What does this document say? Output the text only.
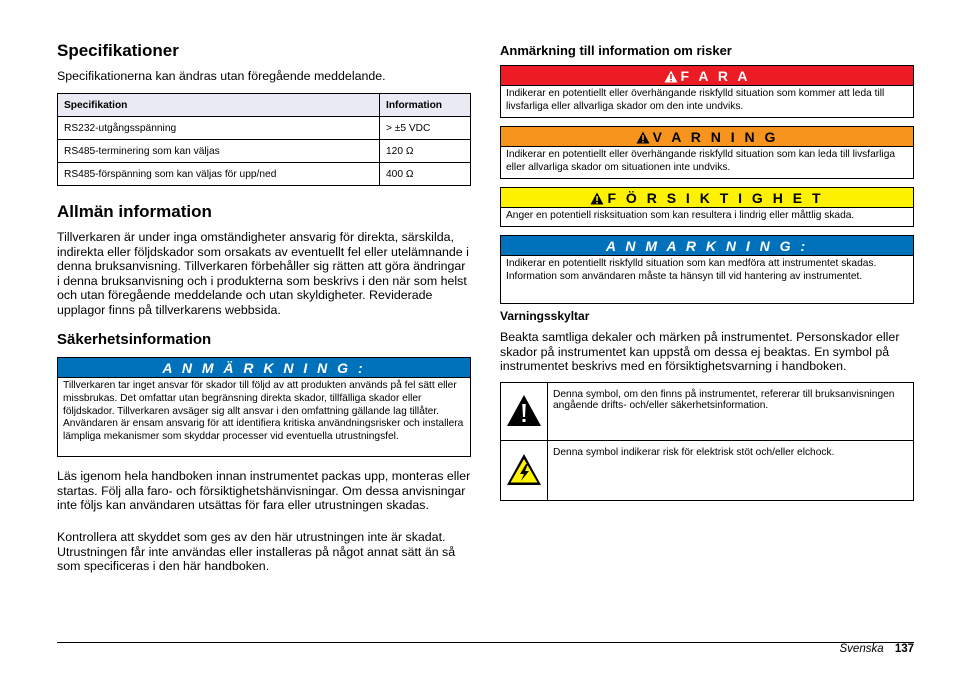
Specifikationer

Specifikationerna kan ändras utan föregående meddelande.

Specifikation	Information
RS232-utgångsspänning	> ±5 VDC
RS485-terminering som kan väljas	120 Ω
RS485-förspänning som kan väljas för upp/ned	400 Ω
Allmän information

Tillverkaren är under inga omständigheter ansvarig för direkta, särskilda, indirekta eller följdskador som orsakats av eventuellt fel eller utelämnande i denna bruksanvisning. Tillverkaren förbehåller sig rätten att göra ändringar i denna bruksanvisning och i produkterna som beskrivs i den när som helst och utan föregående meddelande och utan skyldigheter. Reviderade upplagor finns på tillverkarens webbsida.

Säkerhetsinformation
A N M Ä R K N I N G :
Tillverkaren tar inget ansvar för skador till följd av att produkten används på fel sätt eller missbrukas. Det omfattar utan begränsning direkta skador, tillfälliga skador eller följdskador. Tillverkaren avsäger sig allt ansvar i den omfattning gällande lag tillåter. Användaren är ensam ansvarig för att identifiera kritiska användningsrisker och installera lämpliga mekanismer som skyddar processer vid eventuella utrustningsfel.

Läs igenom hela handboken innan instrumentet packas upp, monteras eller startas. Följ alla faro- och försiktighetshänvisningar. Om dessa anvisningar inte följs kan användaren utsättas för fara eller utrustningen skadas.

Kontrollera att skyddet som ges av den här utrustningen inte är skadat. Utrustningen får inte användas eller installeras på något annat sätt än så som specificeras i den här handboken.

Anmärkning till information om risker
F A R A
Indikerar en potentiellt eller överhängande riskfylld situation som kommer att leda till livsfarliga eller allvarliga skador om den inte undviks.
V A R N I N G
Indikerar en potentiellt eller överhängande riskfylld situation som kan leda till livsfarliga eller allvarliga skador om situationen inte undviks.
F Ö R S I K T I G H E T
Anger en potentiell risksituation som kan resultera i lindrig eller måttlig skada.
A N M A R K N I N G :
Indikerar en potentiellt riskfylld situation som kan medföra att instrumentet skadas. Information som användaren måste ta hänsyn till vid hantering av instrumentet.
Varningsskyltar

Beakta samtliga dekaler och märken på instrumentet. Personskador eller skador på instrumentet kan uppstå om dessa ej beaktas. En symbol på instrumentet beskrivs med en försiktighetsvarning i handboken.

	Denna symbol, om den finns på instrumentet, refererar till bruksanvisningen angående drifts- och/eller säkerhetsinformation.
	Denna symbol indikerar risk för elektrisk stöt och/eller elchock.
Svenska 137
